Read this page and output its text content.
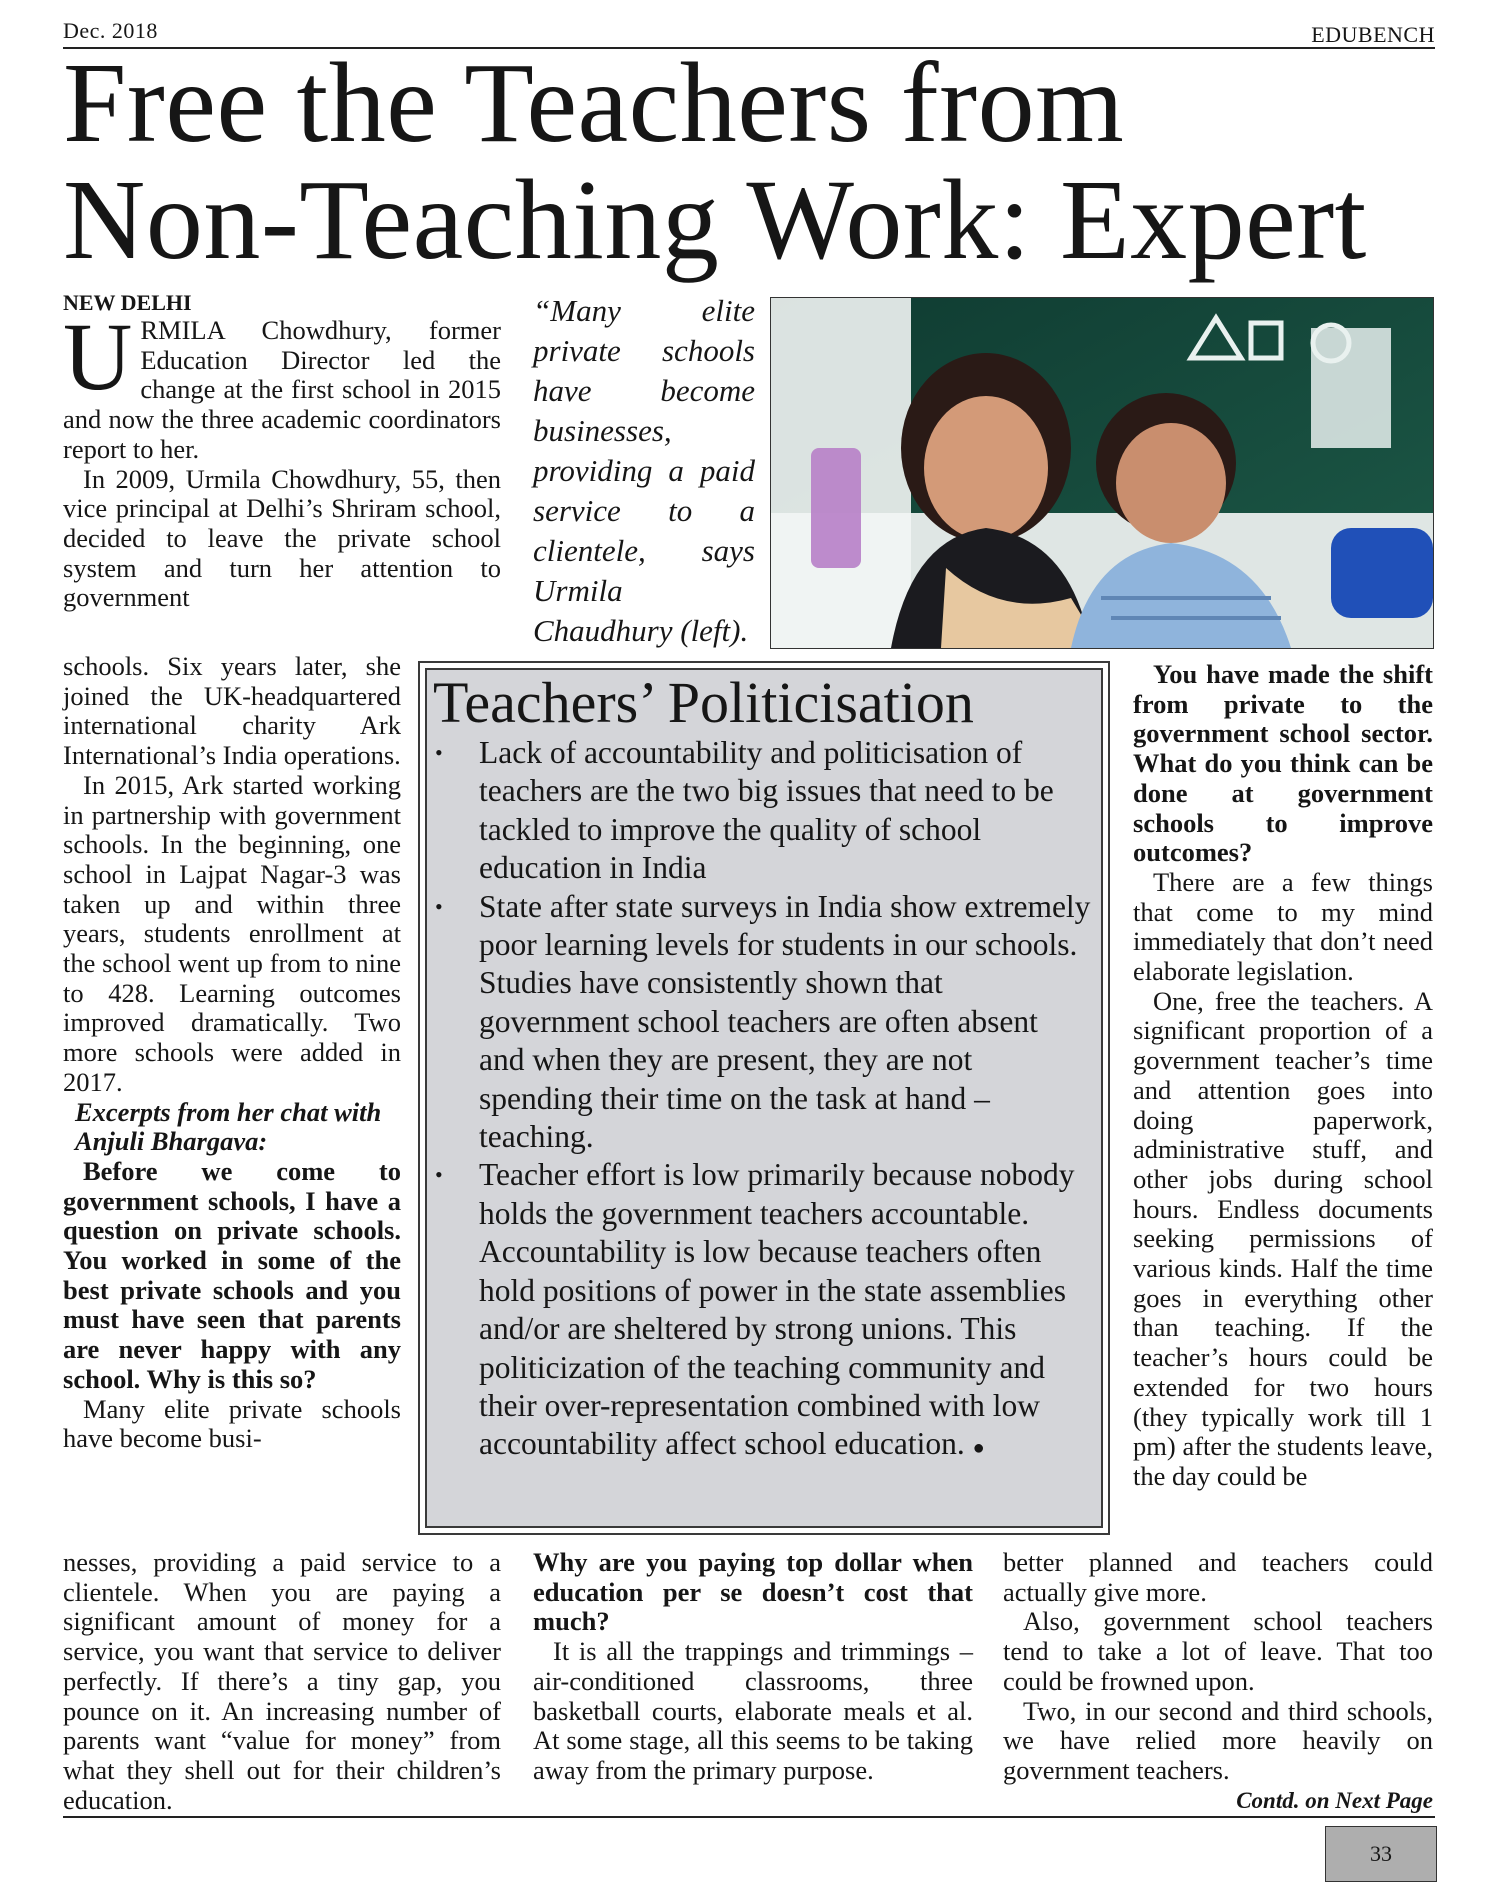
Dec. 2018	EDUBENCH
Free the Teachers from
Non-Teaching Work: Expert
NEW DELHI

URMILA Chowdhury, former Education Director led the change at the first school in 2015 and now the three academic coordinators report to her.

In 2009, Urmila Chowdhury, 55, then vice principal at Delhi’s Shriram school, decided to leave the private school system and turn her attention to government

“Many elite private schools have become businesses, providing a paid service to a clientele, says Urmila Chaudhury (left).

schools. Six years later, she joined the UK-headquartered international charity Ark International’s India operations.

In 2015, Ark started working in partnership with government schools. In the beginning, one school in Lajpat Nagar-3 was taken up and within three years, students enrollment at the school went up from to nine to 428. Learning outcomes improved dramatically. Two more schools were added in 2017.

Excerpts from her chat with Anjuli Bhargava:

Before we come to government schools, I have a question on private schools. You worked in some of the best private schools and you must have seen that parents are never happy with any school. Why is this so?

Many elite private schools have become busi-

nesses, providing a paid service to a clientele. When you are paying a significant amount of money for a service, you want that service to deliver perfectly. If there’s a tiny gap, you pounce on it. An increasing number of parents want “value for money” from what they shell out for their children’s education.

Teachers’ Politicisation
• Lack of accountability and politicisation of teachers are the two big issues that need to be tackled to improve the quality of school education in India
• State after state surveys in India show extremely poor learning levels for students in our schools. Studies have consistently shown that government school teachers are often absent and when they are present, they are not spending their time on the task at hand – teaching.
• Teacher effort is low primarily because nobody holds the government teachers accountable. Accountability is low because teachers often hold positions of power in the state assemblies and/or are sheltered by strong unions. This politicization of the teaching community and their over-representation combined with low accountability affect school education. ●

Why are you paying top dollar when education per se doesn’t cost that much?

It is all the trappings and trimmings – air-conditioned classrooms, three basketball courts, elaborate meals et al. At some stage, all this seems to be taking away from the primary purpose.

You have made the shift from private to the government school sector. What do you think can be done at government schools to improve outcomes?

There are a few things that come to my mind immediately that don’t need elaborate legislation.

One, free the teachers. A significant proportion of a government teacher’s time and attention goes into doing paperwork, administrative stuff, and other jobs during school hours. Endless documents seeking permissions of various kinds. Half the time goes in everything other than teaching. If the teacher’s hours could be extended for two hours (they typically work till 1 pm) after the students leave, the day could be

better planned and teachers could actually give more.

Also, government school teachers tend to take a lot of leave. That too could be frowned upon.

Two, in our second and third schools, we have relied more heavily on government teachers.

Contd. on Next Page
33
